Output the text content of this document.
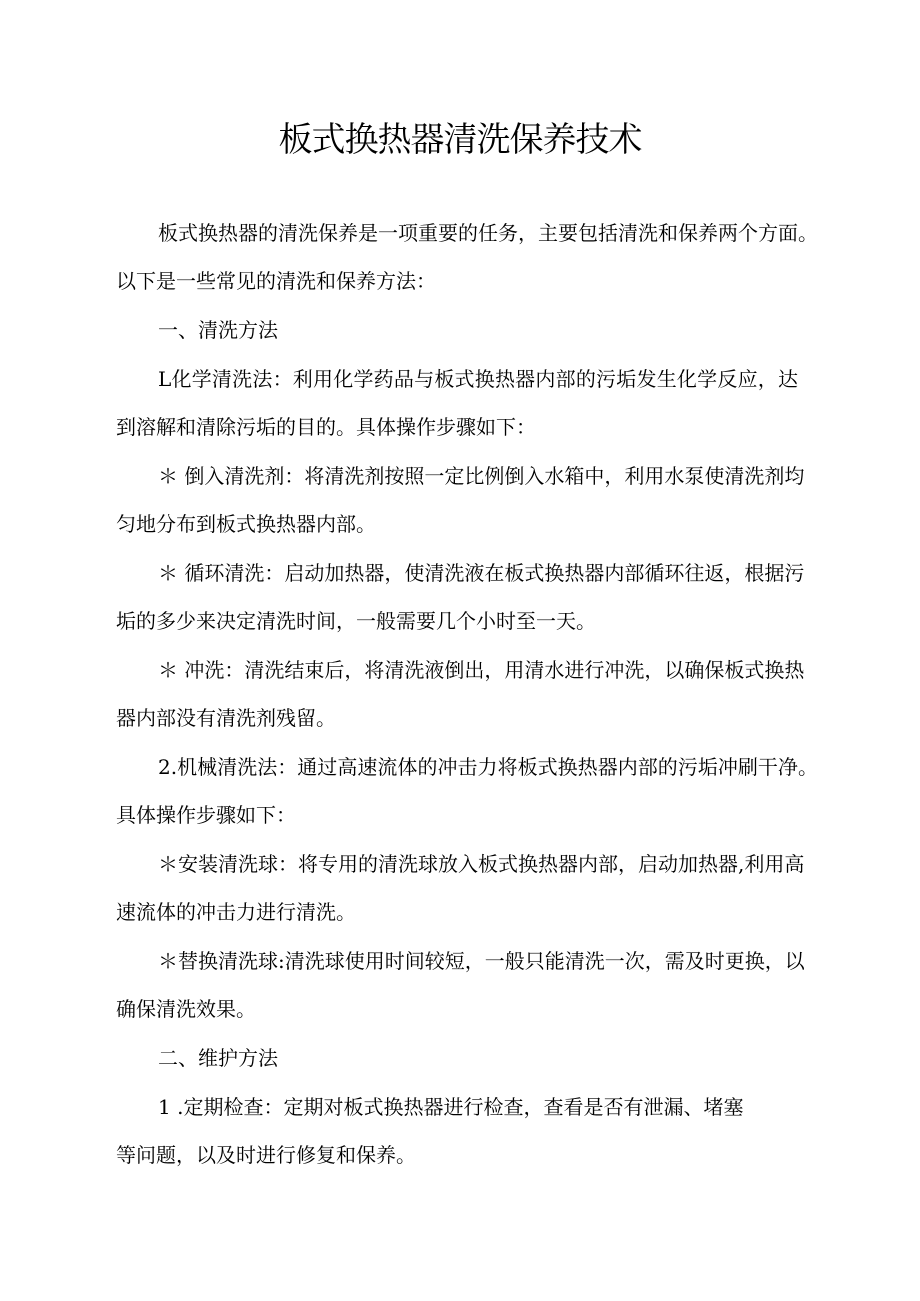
板式换热器清洗保养技术

板式换热器的清洗保养是一项重要的任务，主要包括清洗和保养两个方面。

以下是一些常见的清洗和保养方法：

一、清洗方法

L化学清洗法：利用化学药品与板式换热器内部的污垢发生化学反应，达

到溶解和清除污垢的目的。具体操作步骤如下：

＊ 倒入清洗剂：将清洗剂按照一定比例倒入水箱中，利用水泵使清洗剂均

匀地分布到板式换热器内部。

＊ 循环清洗：启动加热器，使清洗液在板式换热器内部循环往返，根据污

垢的多少来决定清洗时间，一般需要几个小时至一天。

＊ 冲洗：清洗结束后，将清洗液倒出，用清水进行冲洗，以确保板式换热

器内部没有清洗剂残留。

2.机械清洗法：通过高速流体的冲击力将板式换热器内部的污垢冲刷干净。

具体操作步骤如下：

＊安装清洗球：将专用的清洗球放入板式换热器内部，启动加热器,利用高

速流体的冲击力进行清洗。

＊替换清洗球:清洗球使用时间较短，一般只能清洗一次，需及时更换，以

确保清洗效果。

二、维护方法

1 .定期检查：定期对板式换热器进行检查，查看是否有泄漏、堵塞

等问题，以及时进行修复和保养。
